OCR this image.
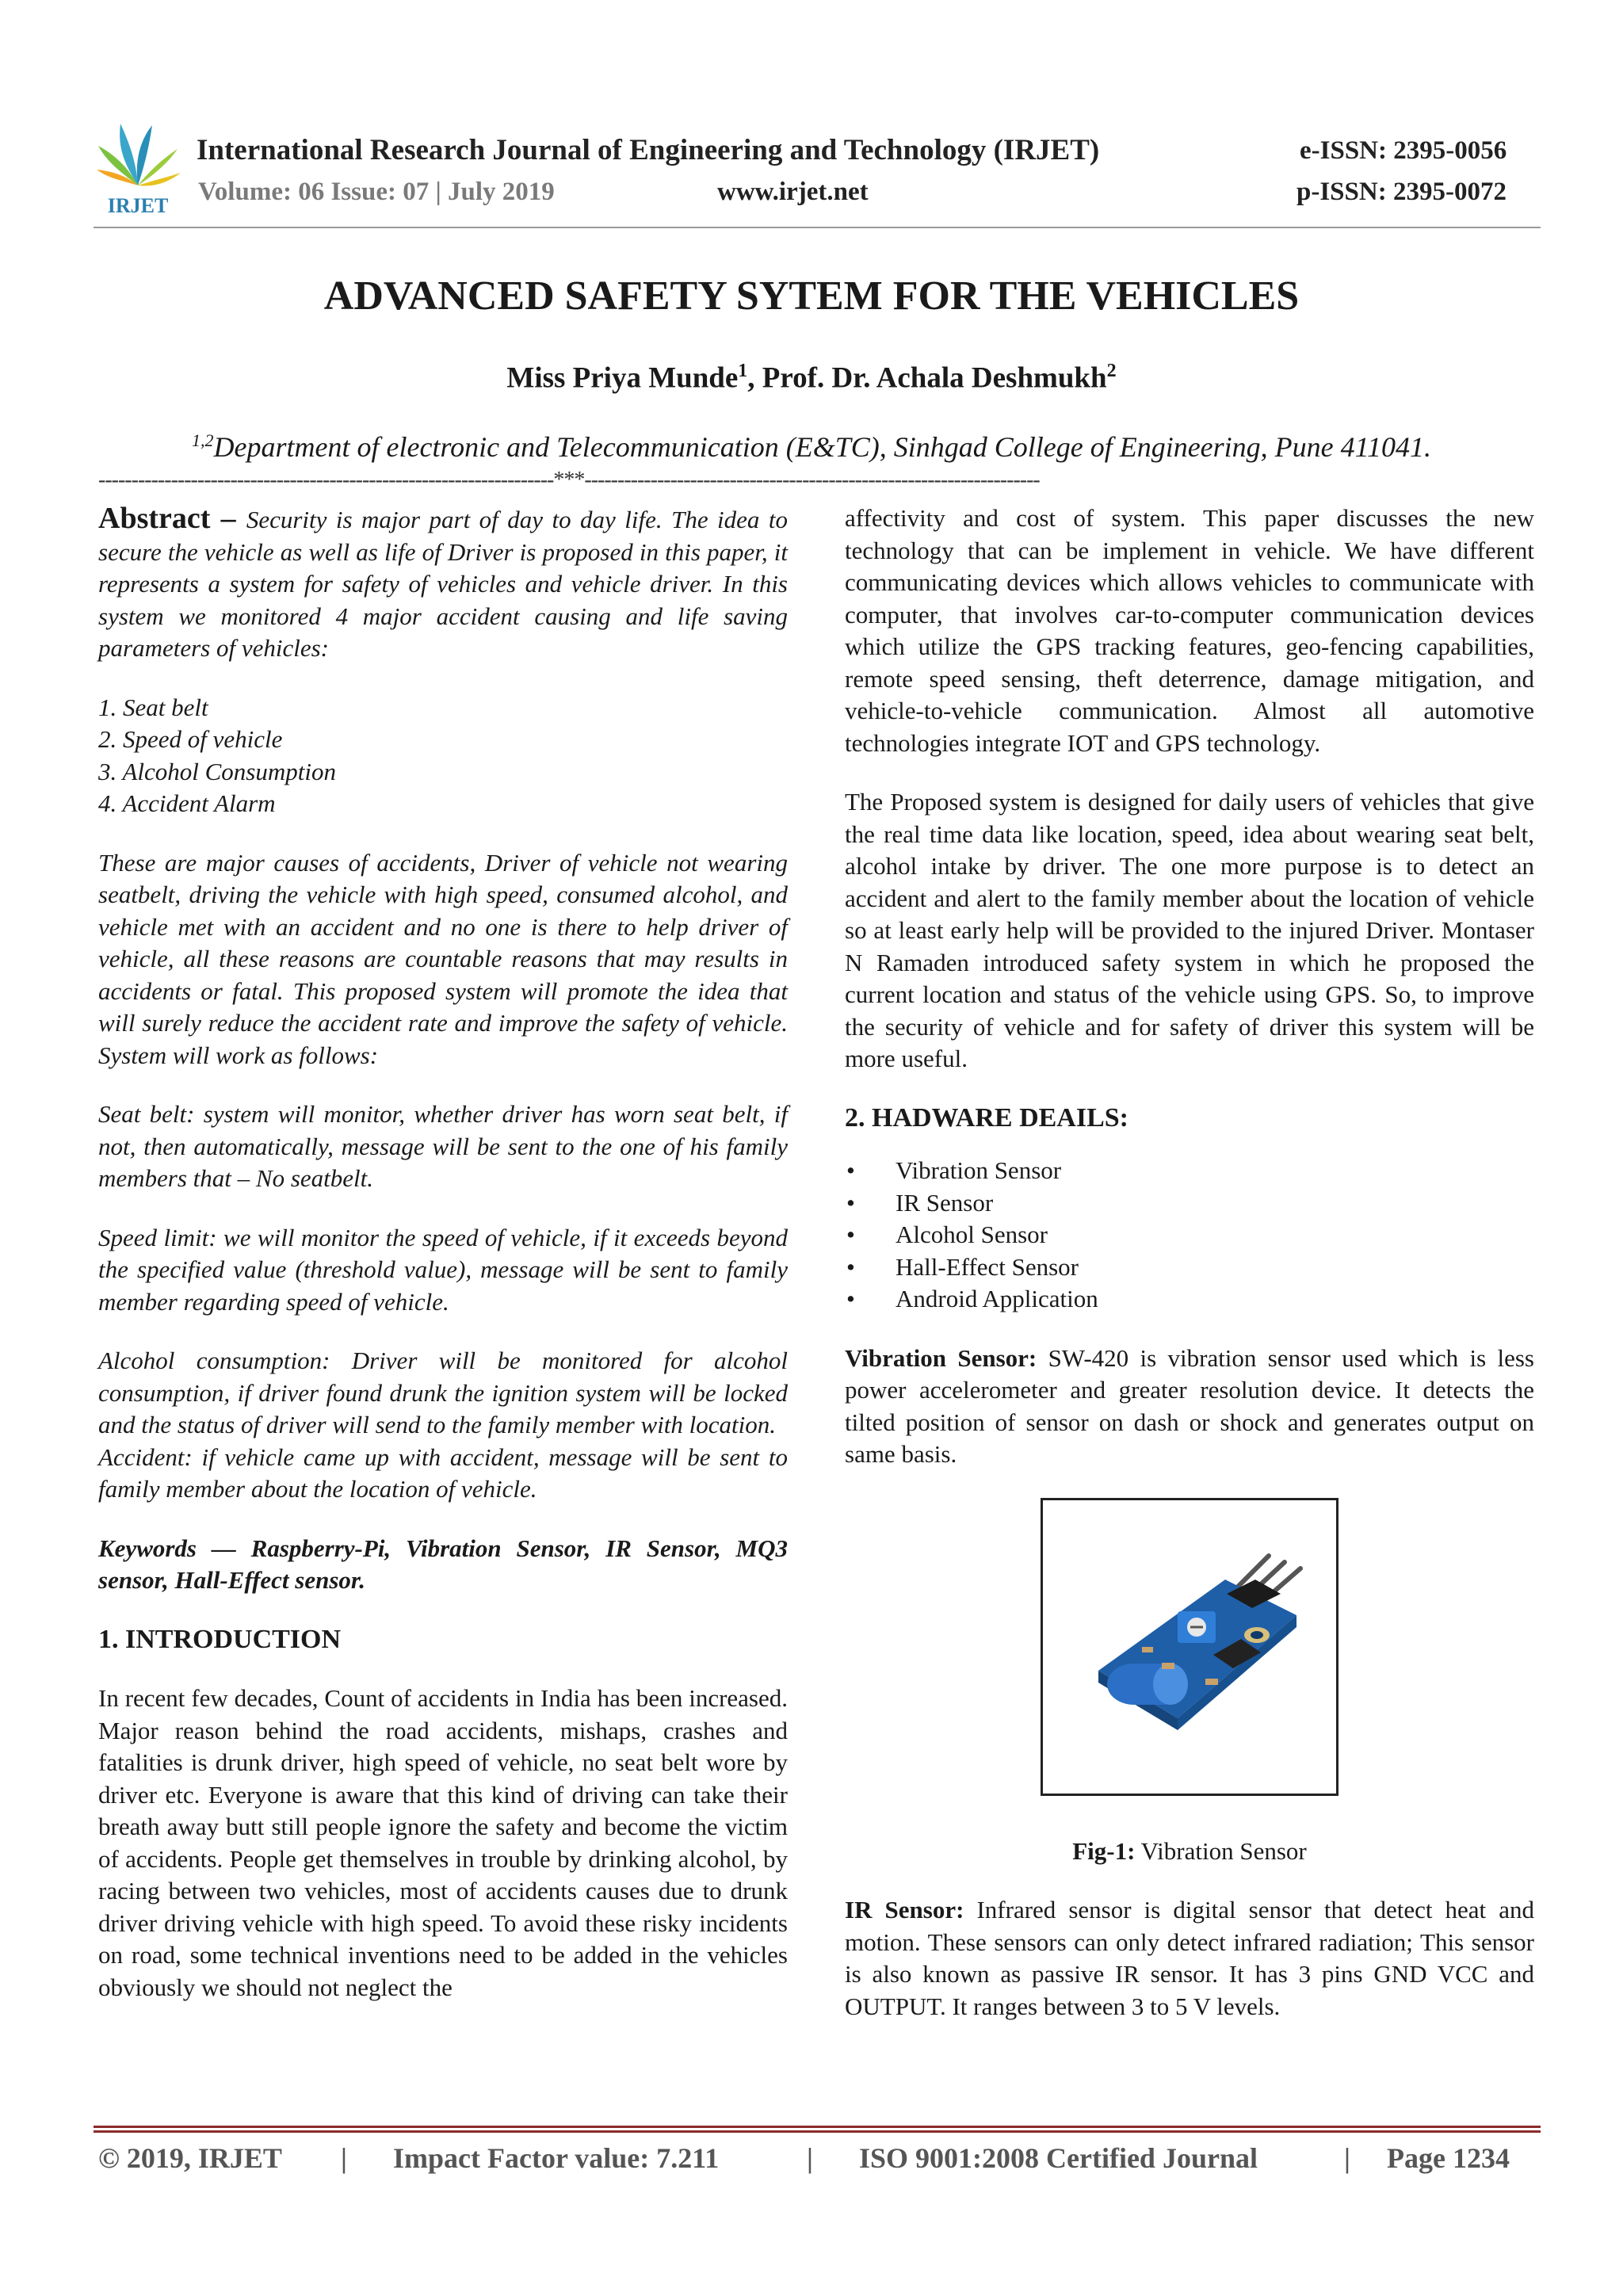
IRJET
International Research Journal of Engineering and Technology (IRJET)	e-ISSN: 2395-0056
Volume: 06 Issue: 07 | July 2019	www.irjet.net	p-ISSN: 2395-0072
ADVANCED SAFETY SYTEM FOR THE VEHICLES
Miss Priya Munde$^1$, Prof. Dr. Achala Deshmukh$^2$
$^{1,2}$Department of electronic and Telecommunication (E&TC), Sinhgad College of Engineering, Pune 411041.
---------------------------------------------------------------------***---------------------------------------------------------------------

Abstract – Security is major part of day to day life. The idea to secure the vehicle as well as life of Driver is proposed in this paper, it represents a system for safety of vehicles and vehicle driver. In this system we monitored 4 major accident causing and life saving parameters of vehicles:

1. Seat belt
2. Speed of vehicle
3. Alcohol Consumption
4. Accident Alarm

These are major causes of accidents, Driver of vehicle not wearing seatbelt, driving the vehicle with high speed, consumed alcohol, and vehicle met with an accident and no one is there to help driver of vehicle, all these reasons are countable reasons that may results in accidents or fatal. This proposed system will promote the idea that will surely reduce the accident rate and improve the safety of vehicle. System will work as follows:

Seat belt: system will monitor, whether driver has worn seat belt, if not, then automatically, message will be sent to the one of his family members that – No seatbelt.

Speed limit: we will monitor the speed of vehicle, if it exceeds beyond the specified value (threshold value), message will be sent to family member regarding speed of vehicle.

Alcohol consumption: Driver will be monitored for alcohol consumption, if driver found drunk the ignition system will be locked and the status of driver will send to the family member with location.

Accident: if vehicle came up with accident, message will be sent to family member about the location of vehicle.

Keywords — Raspberry-Pi, Vibration Sensor, IR Sensor, MQ3 sensor, Hall-Effect sensor.

1. INTRODUCTION

In recent few decades, Count of accidents in India has been increased. Major reason behind the road accidents, mishaps, crashes and fatalities is drunk driver, high speed of vehicle, no seat belt wore by driver etc. Everyone is aware that this kind of driving can take their breath away butt still people ignore the safety and become the victim of accidents. People get themselves in trouble by drinking alcohol, by racing between two vehicles, most of accidents causes due to drunk driver driving vehicle with high speed. To avoid these risky incidents on road, some technical inventions need to be added in the vehicles obviously we should not neglect the

affectivity and cost of system. This paper discusses the new technology that can be implement in vehicle. We have different communicating devices which allows vehicles to communicate with computer, that involves car-to-computer communication devices which utilize the GPS tracking features, geo-fencing capabilities, remote speed sensing, theft deterrence, damage mitigation, and vehicle-to-vehicle communication. Almost all automotive technologies integrate IOT and GPS technology.

The Proposed system is designed for daily users of vehicles that give the real time data like location, speed, idea about wearing seat belt, alcohol intake by driver. The one more purpose is to detect an accident and alert to the family member about the location of vehicle so at least early help will be provided to the injured Driver. Montaser N Ramaden introduced safety system in which he proposed the current location and status of the vehicle using GPS. So, to improve the security of vehicle and for safety of driver this system will be more useful.

2. HADWARE DEAILS:
• Vibration Sensor
• IR Sensor
• Alcohol Sensor
• Hall-Effect Sensor
• Android Application

Vibration Sensor: SW-420 is vibration sensor used which is less power accelerometer and greater resolution device. It detects the tilted position of sensor on dash or shock and generates output on same basis.

Fig-1: Vibration Sensor

IR Sensor: Infrared sensor is digital sensor that detect heat and motion. These sensors can only detect infrared radiation; This sensor is also known as passive IR sensor. It has 3 pins GND VCC and OUTPUT. It ranges between 3 to 5 V levels.

© 2019, IRJET | Impact Factor value: 7.211	| ISO 9001:2008 Certified Journal	| Page 1234
